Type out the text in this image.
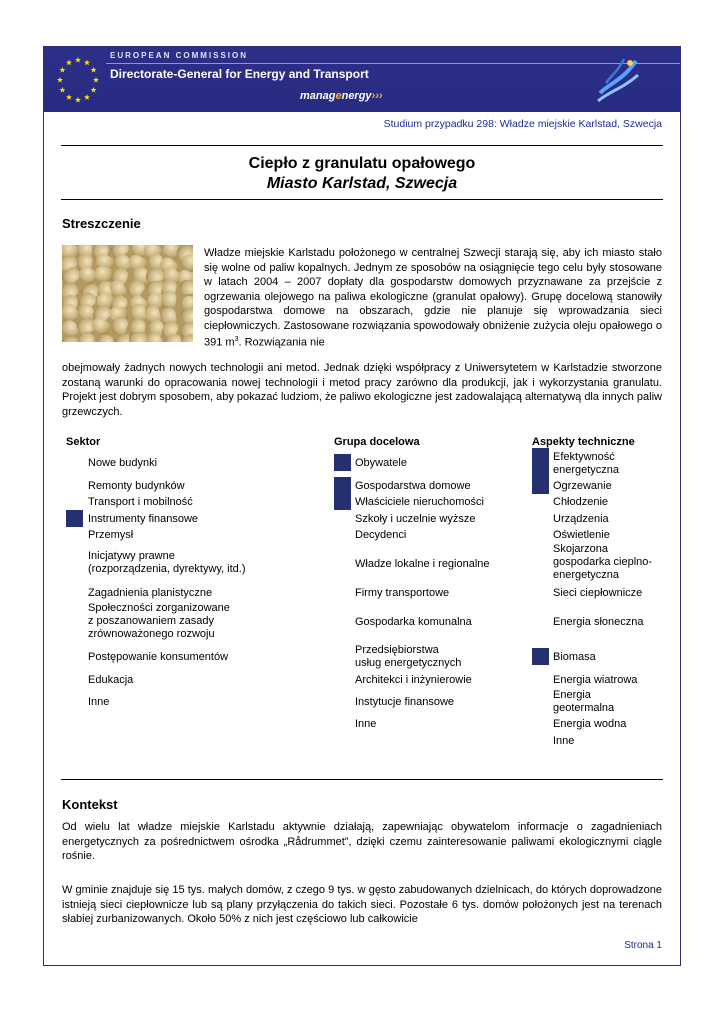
EUROPEAN COMMISSION
Directorate-General for Energy and Transport
managenergy›››
Studium przypadku 298: Władze miejskie Karlstad, Szwecja
Ciepło z granulatu opałowego
Miasto Karlstad, Szwecja
Streszczenie
Władze miejskie Karlstadu położonego w centralnej Szwecji starają się, aby ich miasto stało się wolne od paliw kopalnych. Jednym ze sposobów na osiągnięcie tego celu były stosowane w latach 2004 – 2007 dopłaty dla gospodarstw domowych przyznawane za przejście z ogrzewania olejowego na paliwa ekologiczne (granulat opałowy). Grupę docelową stanowiły gospodarstwa domowe na obszarach, gdzie nie planuje się wprowadzania sieci ciepłowniczych. Zastosowane rozwiązania spowodowały obniżenie zużycia oleju opałowego o 391 $m^3$. Rozwiązania nie
obejmowały żadnych nowych technologii ani metod. Jednak dzięki współpracy z Uniwersytetem w Karlstadzie stworzone zostaną warunki do opracowania nowej technologii i metod pracy zarówno dla produkcji, jak i wykorzystania granulatu. Projekt jest dobrym sposobem, aby pokazać ludziom, że paliwo ekologiczne jest zadowalającą alternatywą dla innych paliw grzewczych.
Sektor	Grupa docelowa	Aspekty techniczne
Nowe budynki
Remonty budynków
Transport i mobilność
Instrumenty finansowe
Przemysł
Inicjatywy prawne
(rozporządzenia, dyrektywy, itd.)
Zagadnienia planistyczne
Społeczności zorganizowane
z poszanowaniem zasady
zrównoważonego rozwoju
Postępowanie konsumentów
Edukacja
Inne
Obywatele
Gospodarstwa domowe
Właściciele nieruchomości
Szkoły i uczelnie wyższe
Decydenci
Władze lokalne i regionalne
Firmy transportowe
Gospodarka komunalna
Przedsiębiorstwa
usług energetycznych
Architekci i inżynierowie
Instytucje finansowe
Inne
Efektywność
energetyczna
Ogrzewanie
Chłodzenie
Urządzenia
Oświetlenie
Skojarzona
gospodarka cieplno-
energetyczna
Sieci ciepłownicze
Energia słoneczna
Biomasa
Energia wiatrowa
Energia
geotermalna
Energia wodna
Inne
Kontekst
Od wielu lat władze miejskie Karlstadu aktywnie działają, zapewniając obywatelom informacje o zagadnieniach energetycznych za pośrednictwem ośrodka „Rådrummet”, dzięki czemu zainteresowanie paliwami ekologicznymi ciągle rośnie.
W gminie znajduje się 15 tys. małych domów, z czego 9 tys. w gęsto zabudowanych dzielnicach, do których doprowadzone istnieją sieci ciepłownicze lub są plany przyłączenia do takich sieci. Pozostałe 6 tys. domów położonych jest na terenach słabiej zurbanizowanych. Około 50% z nich jest częściowo lub całkowicie
Strona 1
